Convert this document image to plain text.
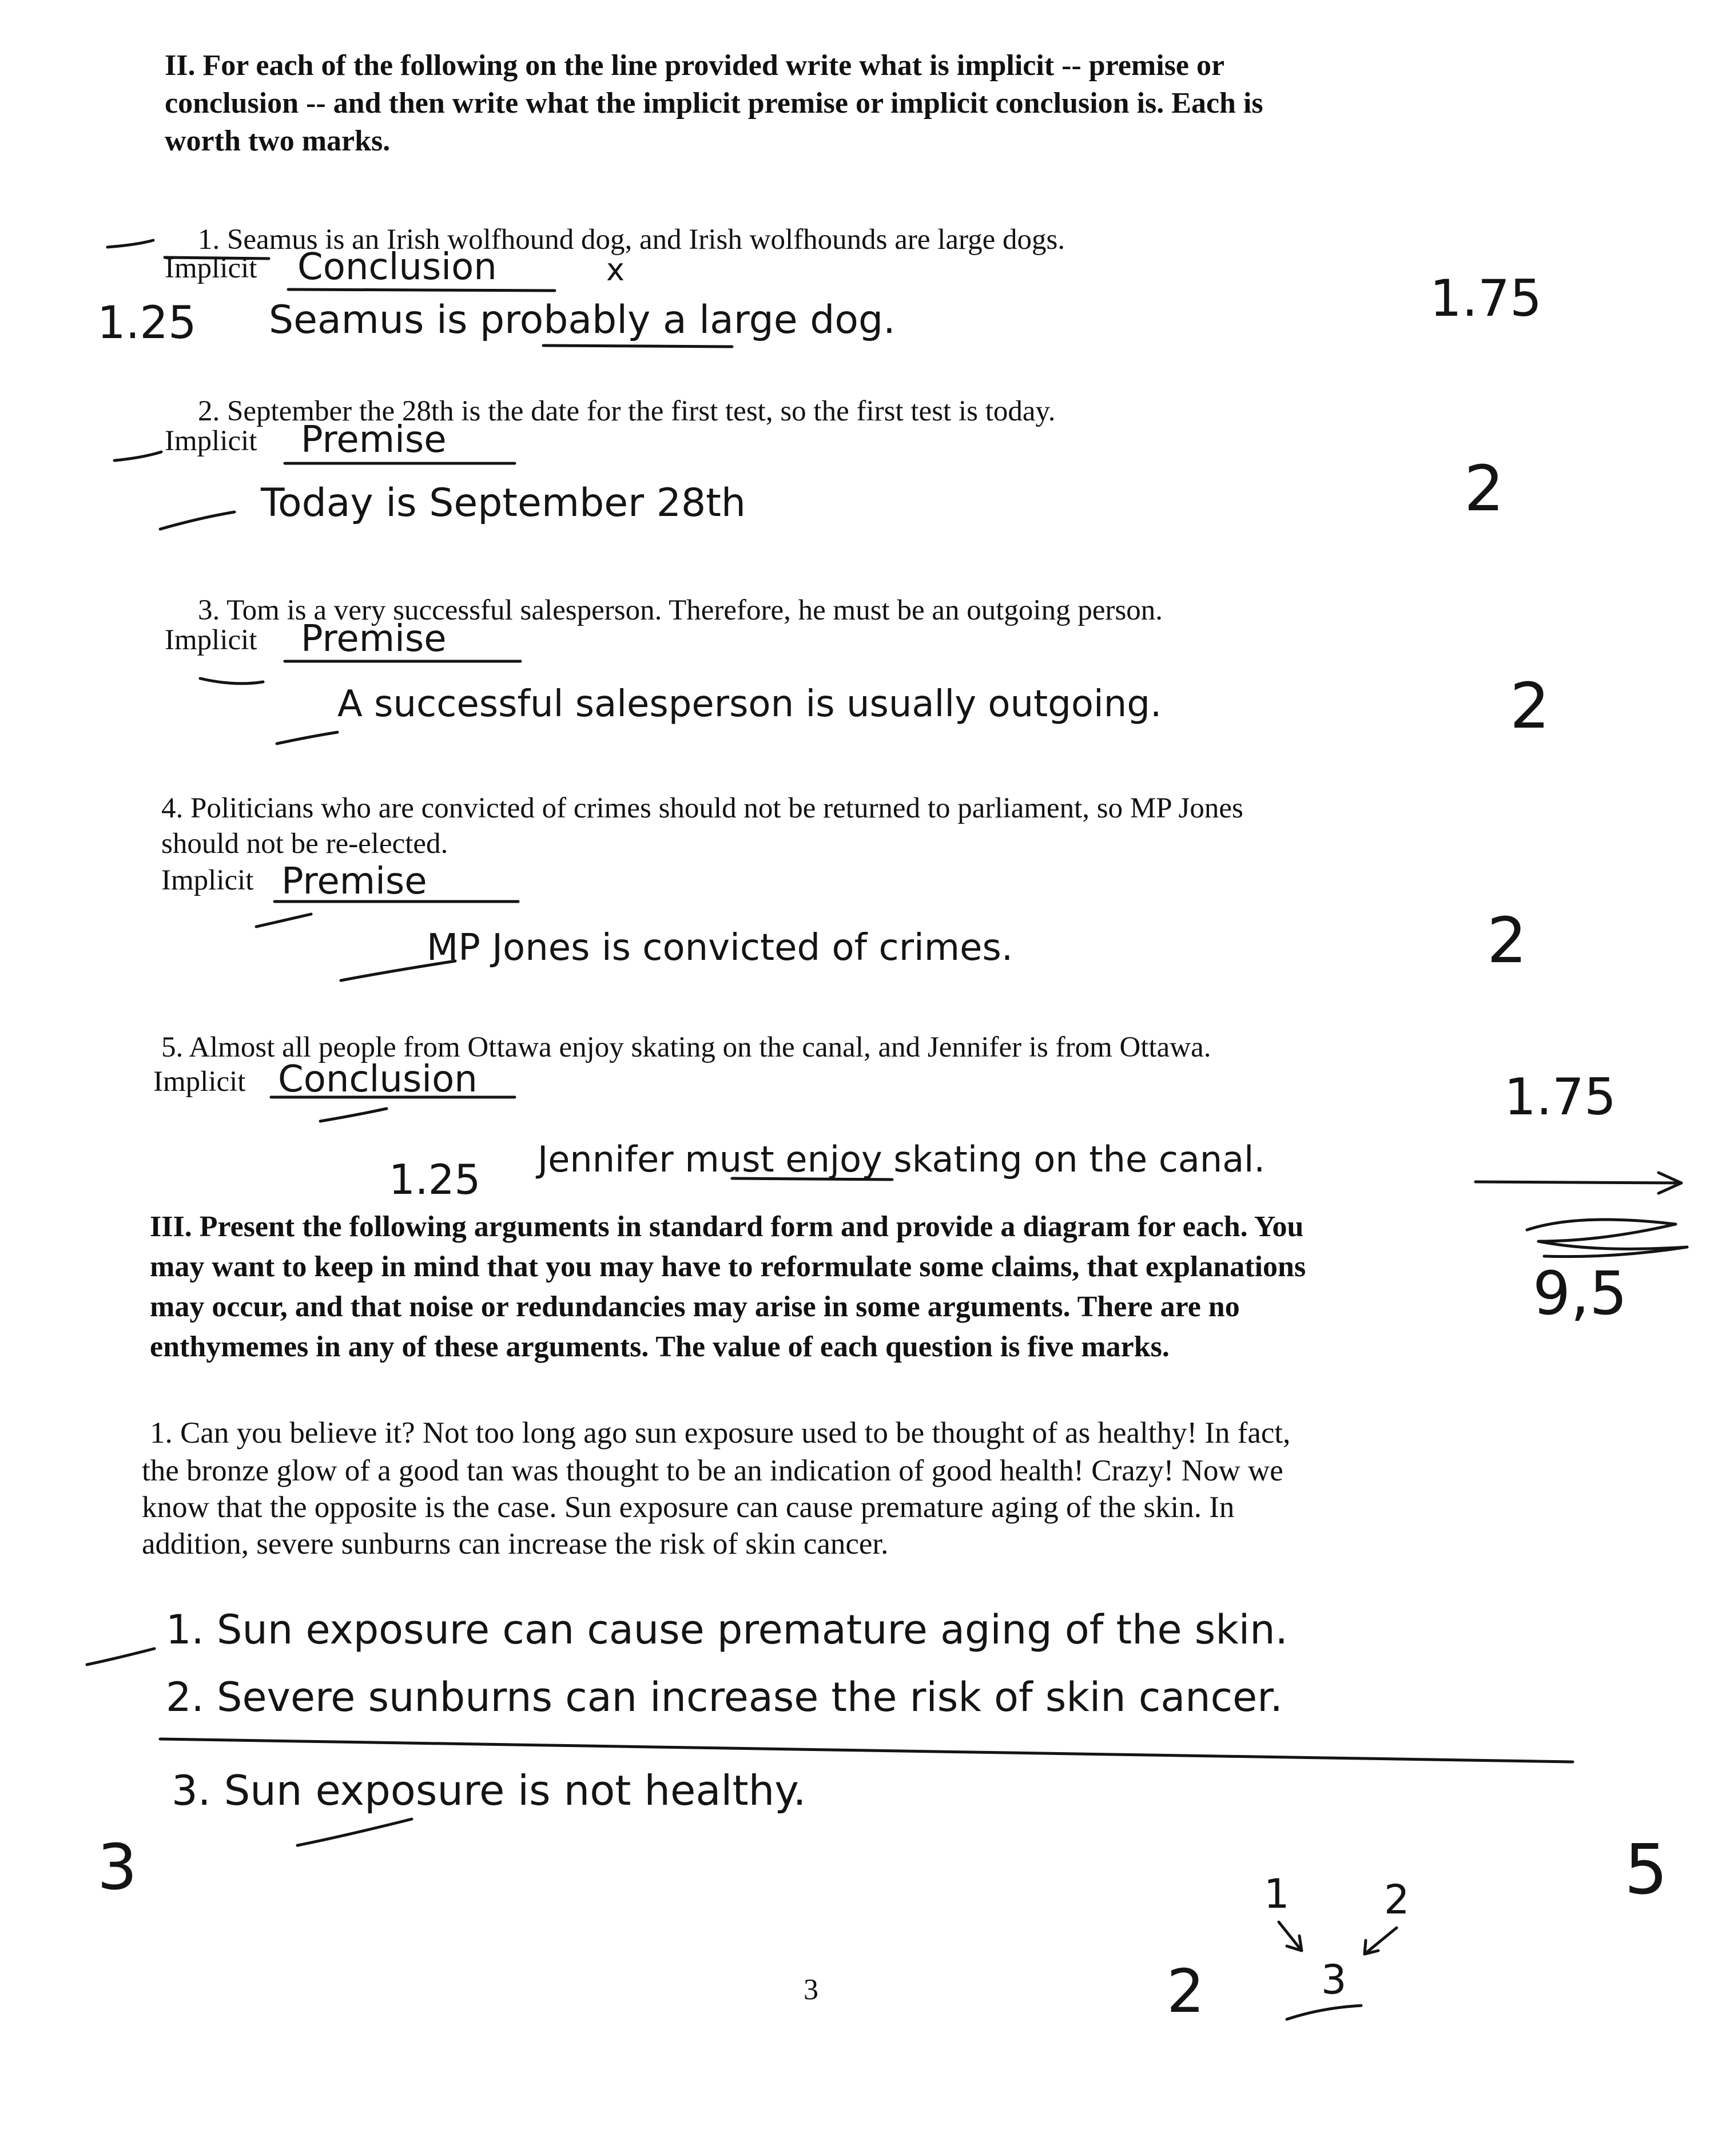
II. For each of the following on the line provided write what is implicit -- premise or
conclusion -- and then write what the implicit premise or implicit conclusion is. Each is
worth two marks.
1. Seamus is an Irish wolfhound dog, and Irish wolfhounds are large dogs.
Implicit Conclusion	x
1.25 Seamus is probably a large dog.	1.75
2. September the 28th is the date for the first test, so the first test is today.
Implicit Premise
Today is September 28th	2
3. Tom is a very successful salesperson. Therefore, he must be an outgoing person.
Implicit Premise
A successful salesperson is usually outgoing.	2
4. Politicians who are convicted of crimes should not be returned to parliament, so MP Jones
should not be re-elected.
Implicit Premise
MP Jones is convicted of crimes.	2
5. Almost all people from Ottawa enjoy skating on the canal, and Jennifer is from Ottawa.
Implicit Conclusion
1.25 Jennifer must enjoy skating on the canal.
1.75
9,5
III. Present the following arguments in standard form and provide a diagram for each. You
may want to keep in mind that you may have to reformulate some claims, that explanations
may occur, and that noise or redundancies may arise in some arguments. There are no
enthymemes in any of these arguments. The value of each question is five marks.
1. Can you believe it? Not too long ago sun exposure used to be thought of as healthy! In fact,
the bronze glow of a good tan was thought to be an indication of good health! Crazy! Now we
know that the opposite is the case. Sun exposure can cause premature aging of the skin. In
addition, severe sunburns can increase the risk of skin cancer.
1. Sun exposure can cause premature aging of the skin.
2. Severe sunburns can increase the risk of skin cancer.
3. Sun exposure is not healthy.
3	5
1 2
3
2
3
